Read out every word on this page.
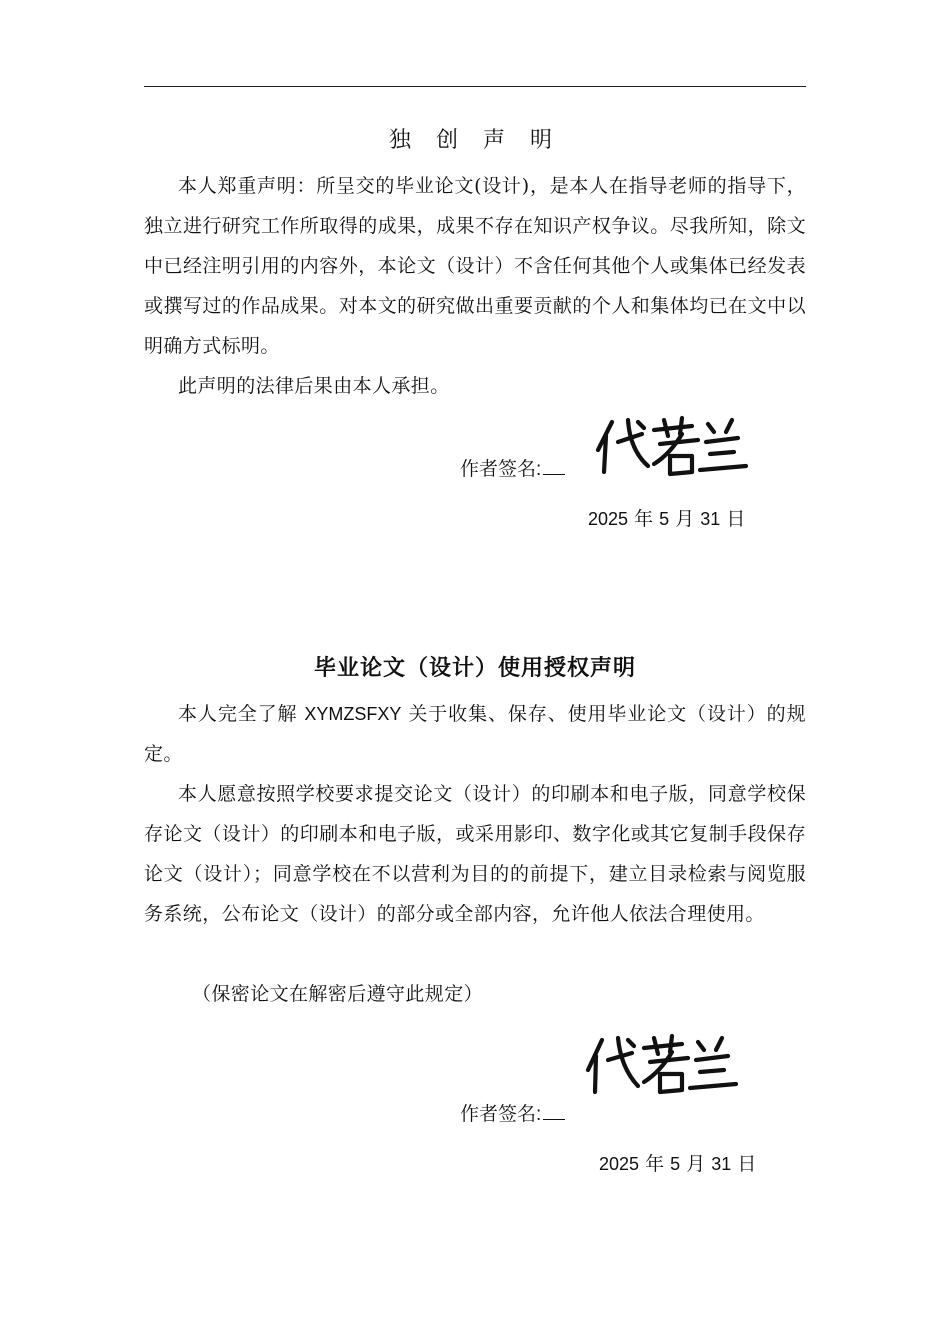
独 创 声 明

本人郑重声明：所呈交的毕业论文(设计)，是本人在指导老师的指导下，独立进行研究工作所取得的成果，成果不存在知识产权争议。尽我所知，除文中已经注明引用的内容外，本论文（设计）不含任何其他个人或集体已经发表或撰写过的作品成果。对本文的研究做出重要贡献的个人和集体均已在文中以明确方式标明。

此声明的法律后果由本人承担。

作者签名:
2025 年 5 月 31 日
毕业论文（设计）使用授权声明

本人完全了解 XYMZSFXY 关于收集、保存、使用毕业论文（设计）的规定。

本人愿意按照学校要求提交论文（设计）的印刷本和电子版，同意学校保存论文（设计）的印刷本和电子版，或采用影印、数字化或其它复制手段保存论文（设计）；同意学校在不以营利为目的的前提下，建立目录检索与阅览服务系统，公布论文（设计）的部分或全部内容，允许他人依法合理使用。

（保密论文在解密后遵守此规定）

作者签名:
2025 年 5 月 31 日
